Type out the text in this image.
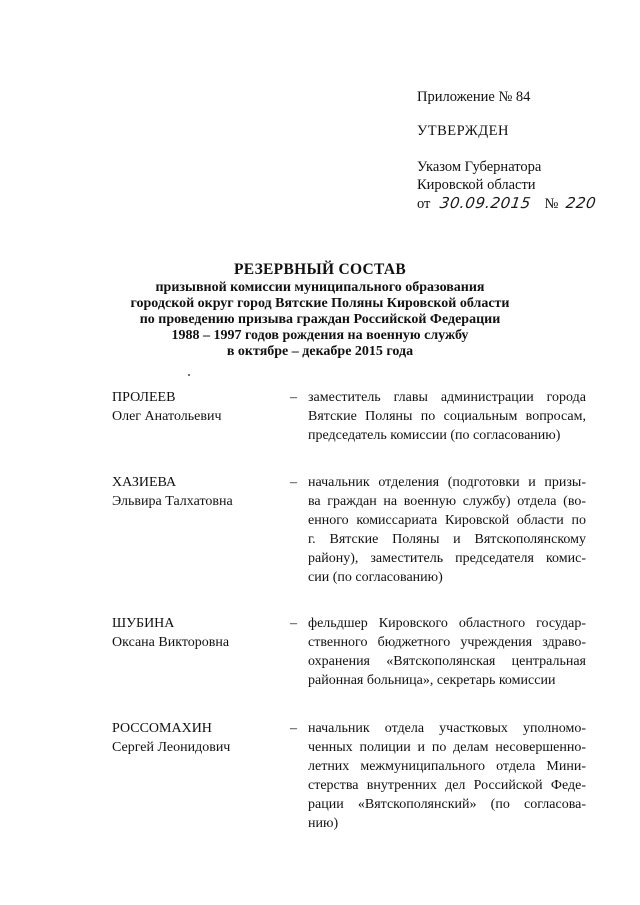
Приложение № 84
УТВЕРЖДЕН
Указом Губернатора
Кировской области
от 30.09.2015 № 220
РЕЗЕРВНЫЙ СОСТАВ
призывной комиссии муниципального образования
городской округ город Вятские Поляны Кировской области
по проведению призыва граждан Российской Федерации
1988 – 1997 годов рождения на военную службу
в октябре – декабре 2015 года
ПРОЛЕЕВ
Олег Анатольевич
– заместитель главы администрации города
Вятские Поляны по социальным вопросам,
председатель комиссии (по согласованию)
ХАЗИЕВА
Эльвира Талхатовна
– начальник отделения (подготовки и призы-
ва граждан на военную службу) отдела (во-
енного комиссариата Кировской области по
г. Вятские Поляны и Вятскополянскому
району), заместитель председателя комис-
сии (по согласованию)
ШУБИНА
Оксана Викторовна
– фельдшер Кировского областного государ-
ственного бюджетного учреждения здраво-
охранения «Вятскополянская центральная
районная больница», секретарь комиссии
РОССОМАХИН
Сергей Леонидович
– начальник отдела участковых уполномо-
ченных полиции и по делам несовершенно-
летних межмуниципального отдела Мини-
стерства внутренних дел Российской Феде-
рации «Вятскополянский» (по согласова-
нию)
